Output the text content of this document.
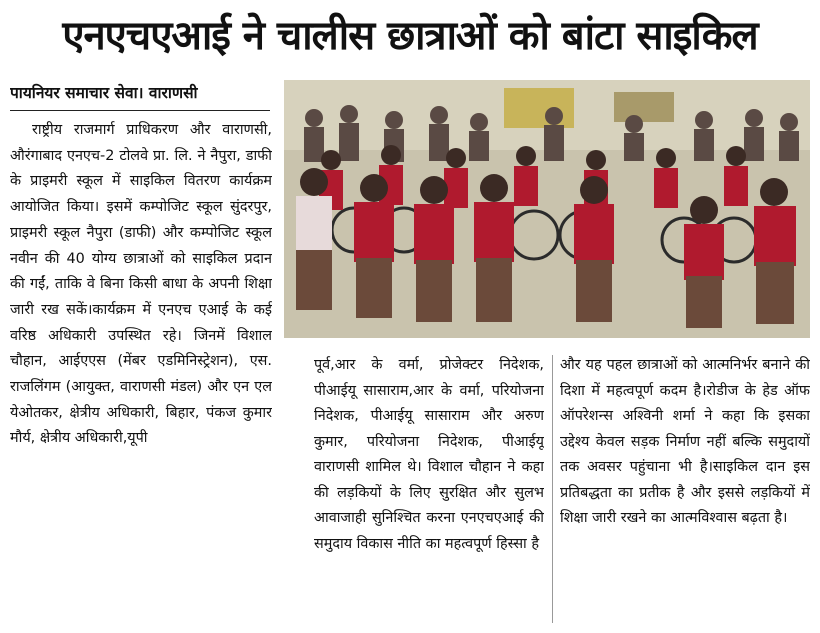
एनएचएआई ने चालीस छात्राओं को बांटा साइकिल
पायनियर समाचार सेवा। वाराणसी

राष्ट्रीय राजमार्ग प्राधिकरण और वाराणसी, औरंगाबाद एनएच-2 टोलवे प्रा. लि. ने नैपुरा, डाफी के प्राइमरी स्कूल में साइकिल वितरण कार्यक्रम आयोजित किया। इसमें कम्पोजिट स्कूल सुंदरपुर, प्राइमरी स्कूल नैपुरा (डाफी) और कम्पोजिट स्कूल नवीन की 40 योग्य छात्राओं को साइकिल प्रदान की गईं, ताकि वे बिना किसी बाधा के अपनी शिक्षा जारी रख सकें।कार्यक्रम में एनएच एआई के कई वरिष्ठ अधिकारी उपस्थित रहे। जिनमें विशाल चौहान, आईएएस (मेंबर एडमिनिस्ट्रेशन), एस. राजलिंगम (आयुक्त, वाराणसी मंडल) और एन एल येओतकर, क्षेत्रीय अधिकारी, बिहार, पंकज कुमार मौर्य, क्षेत्रीय अधिकारी,यूपी

पूर्व,आर के वर्मा, प्रोजेक्टर निदेशक, पीआईयू सासाराम,आर के वर्मा, परियोजना निदेशक, पीआईयू सासाराम और अरुण कुमार, परियोजना निदेशक, पीआईयू वाराणसी शामिल थे। विशाल चौहान ने कहा की लड़कियों के लिए सुरक्षित और सुलभ आवाजाही सुनिश्चित करना एनएचएआई की समुदाय विकास नीति का महत्वपूर्ण हिस्सा है

और यह पहल छात्राओं को आत्मनिर्भर बनाने की दिशा में महत्वपूर्ण कदम है।रोडीज के हेड ऑफ ऑपरेशन्स अश्विनी शर्मा ने कहा कि इसका उद्देश्य केवल सड़क निर्माण नहीं बल्कि समुदायों तक अवसर पहुंचाना भी है।साइकिल दान इस प्रतिबद्धता का प्रतीक है और इससे लड़कियों में शिक्षा जारी रखने का आत्मविश्वास बढ़ता है।
